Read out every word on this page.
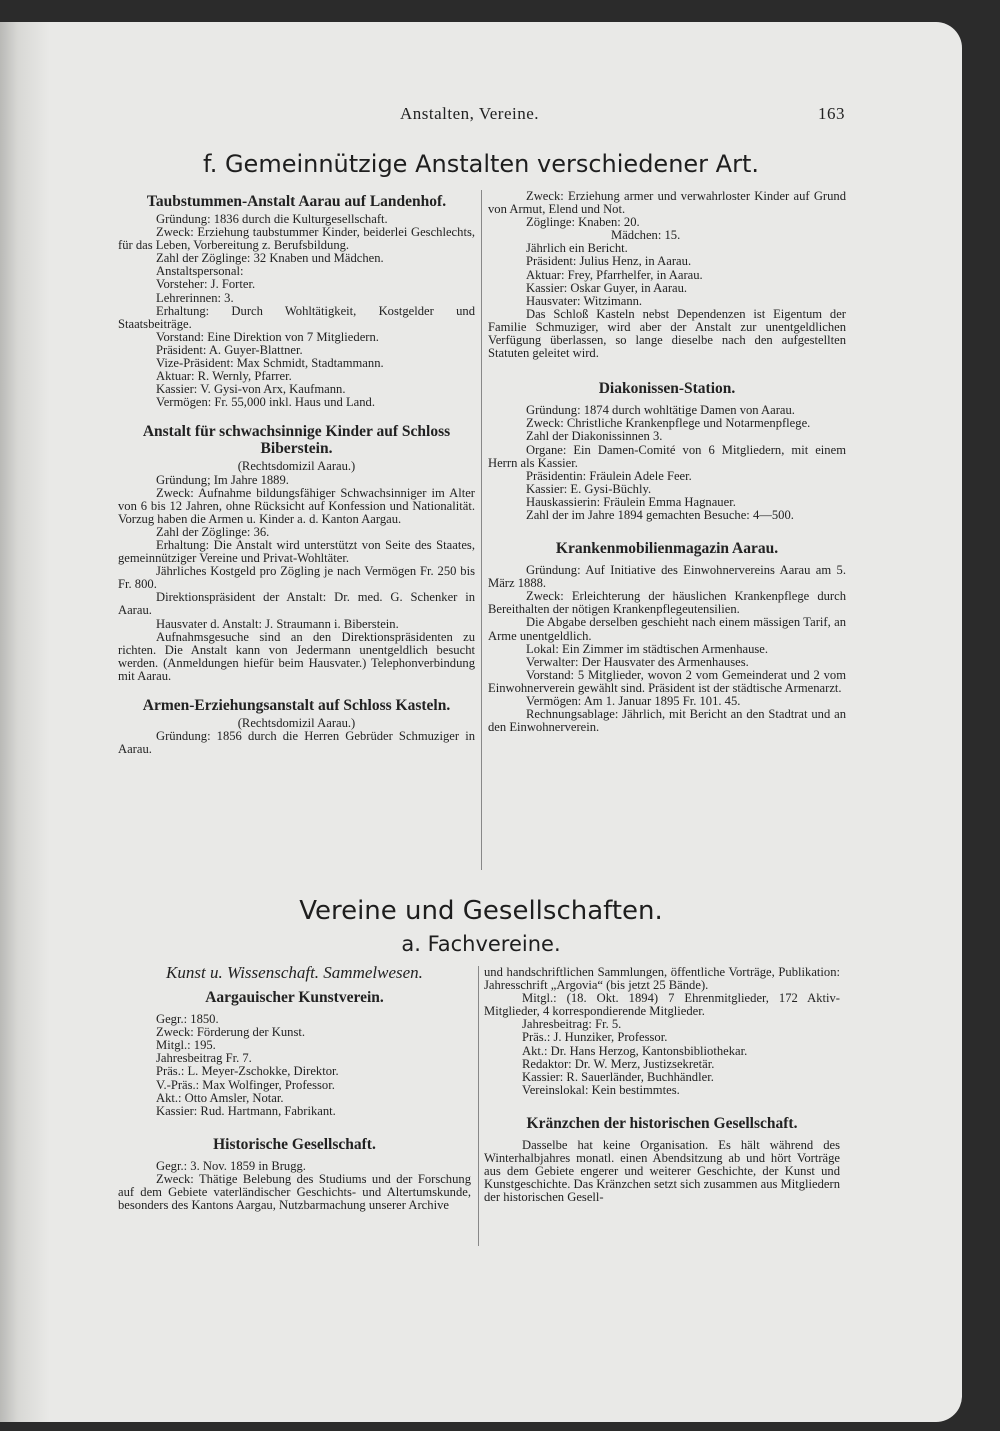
Anstalten, Vereine.	163
f. Gemeinnützige Anstalten verschiedener Art.
Taubstummen-Anstalt Aarau auf Landenhof.

Gründung: 1836 durch die Kulturgesellschaft.

Zweck: Erziehung taubstummer Kinder, beiderlei Geschlechts, für das Leben, Vorbereitung z. Berufsbildung.

Zahl der Zöglinge: 32 Knaben und Mädchen.

Anstaltspersonal:

Vorsteher: J. Forter.

Lehrerinnen: 3.

Erhaltung: Durch Wohltätigkeit, Kostgelder und Staatsbeiträge.

Vorstand: Eine Direktion von 7 Mitgliedern.

Präsident: A. Guyer-Blattner.

Vize-Präsident: Max Schmidt, Stadtammann.

Aktuar: R. Wernly, Pfarrer.

Kassier: V. Gysi-von Arx, Kaufmann.

Vermögen: Fr. 55,000 inkl. Haus und Land.

Anstalt für schwachsinnige Kinder auf Schloss Biberstein.

(Rechtsdomizil Aarau.)

Gründung; Im Jahre 1889.

Zweck: Aufnahme bildungsfähiger Schwachsinniger im Alter von 6 bis 12 Jahren, ohne Rücksicht auf Konfession und Nationalität. Vorzug haben die Armen u. Kinder a. d. Kanton Aargau.

Zahl der Zöglinge: 36.

Erhaltung: Die Anstalt wird unterstützt von Seite des Staates, gemeinnütziger Vereine und Privat-Wohltäter.

Jährliches Kostgeld pro Zögling je nach Vermögen Fr. 250 bis Fr. 800.

Direktionspräsident der Anstalt: Dr. med. G. Schenker in Aarau.

Hausvater d. Anstalt: J. Straumann i. Biberstein.

Aufnahmsgesuche sind an den Direktionspräsidenten zu richten. Die Anstalt kann von Jedermann unentgeldlich besucht werden. (Anmeldungen hiefür beim Hausvater.) Telephonverbindung mit Aarau.

Armen-Erziehungsanstalt auf Schloss Kasteln.

(Rechtsdomizil Aarau.)

Gründung: 1856 durch die Herren Gebrüder Schmuziger in Aarau.

Zweck: Erziehung armer und verwahrloster Kinder auf Grund von Armut, Elend und Not.

Zöglinge: Knaben: 20.

Mädchen: 15.

Jährlich ein Bericht.

Präsident: Julius Henz, in Aarau.

Aktuar: Frey, Pfarrhelfer, in Aarau.

Kassier: Oskar Guyer, in Aarau.

Hausvater: Witzimann.

Das Schloß Kasteln nebst Dependenzen ist Eigentum der Familie Schmuziger, wird aber der Anstalt zur unentgeldlichen Verfügung überlassen, so lange dieselbe nach den aufgestellten Statuten geleitet wird.

Diakonissen-Station.

Gründung: 1874 durch wohltätige Damen von Aarau.

Zweck: Christliche Krankenpflege und Notarmenpflege.

Zahl der Diakonissinnen 3.

Organe: Ein Damen-Comité von 6 Mitgliedern, mit einem Herrn als Kassier.

Präsidentin: Fräulein Adele Feer.

Kassier: E. Gysi-Büchly.

Hauskassierin: Fräulein Emma Hagnauer.

Zahl der im Jahre 1894 gemachten Besuche: 4—500.

Krankenmobilienmagazin Aarau.

Gründung: Auf Initiative des Einwohnervereins Aarau am 5. März 1888.

Zweck: Erleichterung der häuslichen Krankenpflege durch Bereithalten der nötigen Krankenpflegeutensilien.

Die Abgabe derselben geschieht nach einem mässigen Tarif, an Arme unentgeldlich.

Lokal: Ein Zimmer im städtischen Armenhause.

Verwalter: Der Hausvater des Armenhauses.

Vorstand: 5 Mitglieder, wovon 2 vom Gemeinderat und 2 vom Einwohnerverein gewählt sind. Präsident ist der städtische Armenarzt.

Vermögen: Am 1. Januar 1895 Fr. 101. 45.

Rechnungsablage: Jährlich, mit Bericht an den Stadtrat und an den Einwohnerverein.

Vereine und Gesellschaften.
a. Fachvereine.
Kunst u. Wissenschaft. Sammelwesen.
Aargauischer Kunstverein.

Gegr.: 1850.

Zweck: Förderung der Kunst.

Mitgl.: 195.

Jahresbeitrag Fr. 7.

Präs.: L. Meyer-Zschokke, Direktor.

V.-Präs.: Max Wolfinger, Professor.

Akt.: Otto Amsler, Notar.

Kassier: Rud. Hartmann, Fabrikant.

Historische Gesellschaft.

Gegr.: 3. Nov. 1859 in Brugg.

Zweck: Thätige Belebung des Studiums und der Forschung auf dem Gebiete vaterländischer Geschichts- und Altertumskunde, besonders des Kantons Aargau, Nutzbarmachung unserer Archive

und handschriftlichen Sammlungen, öffentliche Vorträge, Publikation: Jahresschrift „Argovia“ (bis jetzt 25 Bände).

Mitgl.: (18. Okt. 1894) 7 Ehrenmitglieder, 172 Aktiv-Mitglieder, 4 korrespondierende Mitglieder.

Jahresbeitrag: Fr. 5.

Präs.: J. Hunziker, Professor.

Akt.: Dr. Hans Herzog, Kantonsbibliothekar.

Redaktor: Dr. W. Merz, Justizsekretär.

Kassier: R. Sauerländer, Buchhändler.

Vereinslokal: Kein bestimmtes.

Kränzchen der historischen Gesellschaft.

Dasselbe hat keine Organisation. Es hält während des Winterhalbjahres monatl. einen Abendsitzung ab und hört Vorträge aus dem Gebiete engerer und weiterer Geschichte, der Kunst und Kunstgeschichte. Das Kränzchen setzt sich zusammen aus Mitgliedern der historischen Gesell-
